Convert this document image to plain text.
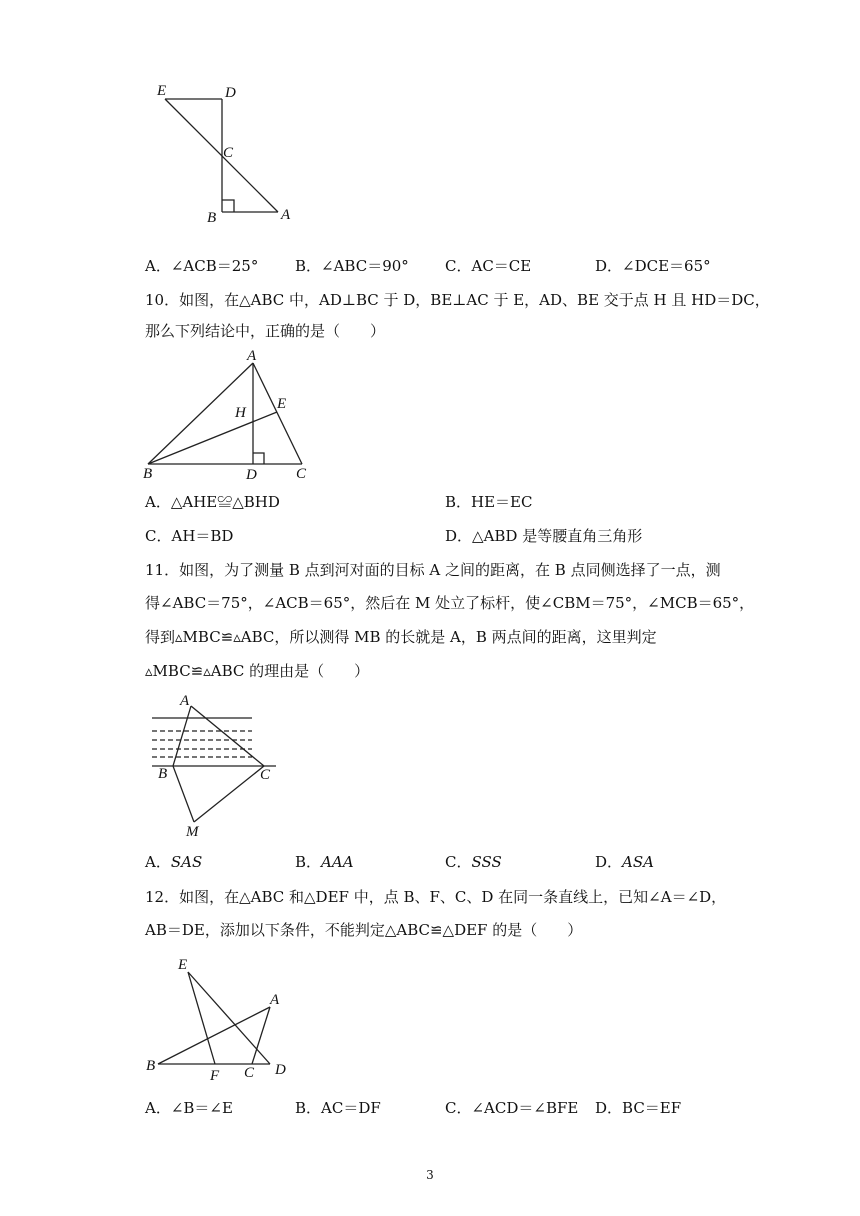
E	D
C
B	A
A．∠ACB＝25° B．∠ABC＝90° C．AC＝CE	D．∠DCE＝65°
10．如图，在△ABC 中，AD⊥BC 于 D，BE⊥AC 于 E，AD、BE 交于点 H 且 HD＝DC，
那么下列结论中，正确的是（　　）
A
H
E
B	D	C
A．△AHE≌△BHD	B．HE＝EC
C．AH＝BD	D．△ABD 是等腰直角三角形
11．如图，为了测量 B 点到河对面的目标 A 之间的距离，在 B 点同侧选择了一点，测
得∠ABC＝75°，∠ACB＝65°，然后在 M 处立了标杆，使∠CBM＝75°，∠MCB＝65°，
得到▵MBC≌▵ABC，所以测得 MB 的长就是 A，B 两点间的距离，这里判定
▵MBC≌▵ABC 的理由是（　　）
A
B	C
M
A．SAS	B．AAA	C．SSS	D．ASA
12．如图，在△ABC 和△DEF 中，点 B、F、C、D 在同一条直线上，已知∠A＝∠D，
AB＝DE，添加以下条件，不能判定△ABC≌△DEF 的是（　　）
E
A
B
F C D
A．∠B＝∠E	B．AC＝DF	C．∠ACD＝∠BFE D．BC＝EF
3
